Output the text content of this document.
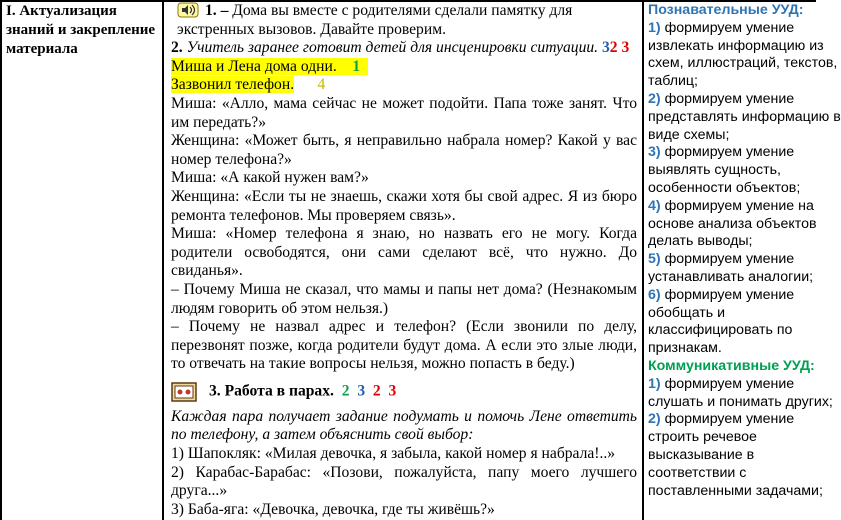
I. Актуализация знаний и закрепление материала

1. – Дома вы вместе с родителями сделали памятку для экстренных вызовов. Давайте проверим.

2. Учитель заранее готовит детей для инсценировки ситуации. 32 3

Миша и Лена дома одни. 1

Зазвонил телефон. 4

Миша: «Алло, мама сейчас не может подойти. Папа тоже занят. Что им передать?»

Женщина: «Может быть, я неправильно набрала номер? Какой у вас номер телефона?»

Миша: «А какой нужен вам?»

Женщина: «Если ты не знаешь, скажи хотя бы свой адрес. Я из бюро ремонта телефонов. Мы проверяем связь».

Миша: «Номер телефона я знаю, но назвать его не могу. Когда родители освободятся, они сами сделают всё, что нужно. До свиданья».

– Почему Миша не сказал, что мамы и папы нет дома? (Незнакомым людям говорить об этом нельзя.)

– Почему не назвал адрес и телефон? (Если звонили по делу, перезвонят позже, когда родители будут дома. А если это злые люди, то отвечать на такие вопросы нельзя, можно попасть в беду.)

3. Работа в парах. 2 3 2 3

Каждая пара получает задание подумать и помочь Лене ответить по телефону, а затем объяснить свой выбор:

1) Шапокляк: «Милая девочка, я забыла, какой номер я набрала!..»

2) Карабас-Барабас: «Позови, пожалуйста, папу моего лучшего друга...»

3) Баба-яга: «Девочка, девочка, где ты живёшь?»

Познавательные УУД:
1) формируем умение
извлекать информацию из
схем, иллюстраций, текстов,
таблиц;
2) формируем умение
представлять информацию в
виде схемы;
3) формируем умение
выявлять сущность,
особенности объектов;
4) формируем умение на
основе анализа объектов
делать выводы;
5) формируем умение
устанавливать аналогии;
6) формируем умение
обобщать и
классифицировать по
признакам.
Коммуникативные УУД:
1) формируем умение
слушать и понимать других;
2) формируем умение
строить речевое
высказывание в
соответствии с
поставленными задачами;
